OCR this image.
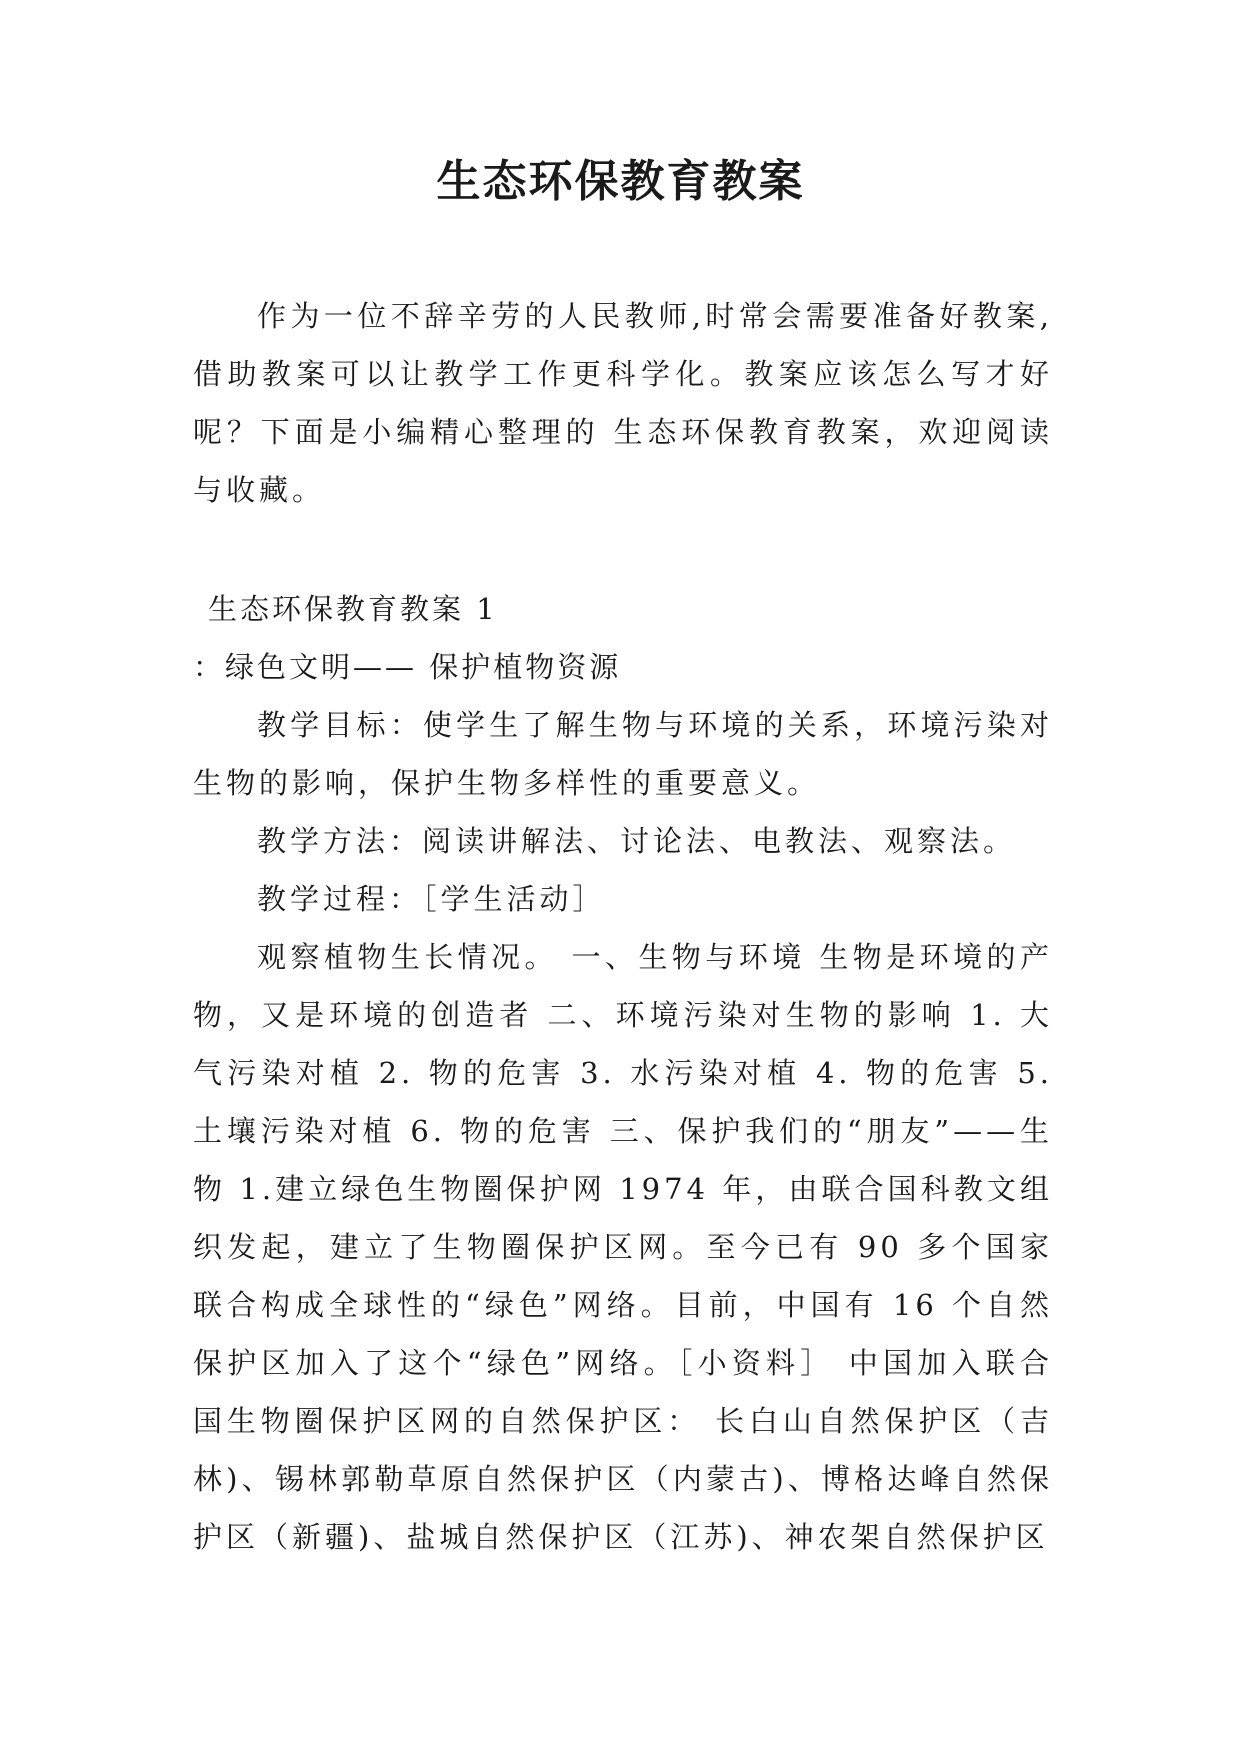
生态环保教育教案

作为一位不辞辛劳的人民教师,时常会需要准备好教案,借助教案可以让教学工作更科学化。教案应该怎么写才好呢？下面是小编精心整理的 生态环保教育教案，欢迎阅读与收藏。

生态环保教育教案 1

：绿色文明—— 保护植物资源

教学目标：使学生了解生物与环境的关系，环境污染对生物的影响，保护生物多样性的重要意义。

教学方法：阅读讲解法、讨论法、电教法、观察法。

教学过程：［学生活动］

观察植物生长情况。 一、生物与环境 生物是环境的产物，又是环境的创造者 二、环境污染对生物的影响 1. 大气污染对植 2. 物的危害 3. 水污染对植 4. 物的危害 5. 土壤污染对植 6. 物的危害 三、保护我们的“朋友”——生物 1.建立绿色生物圈保护网 1974 年，由联合国科教文组织发起，建立了生物圈保护区网。至今已有 90 多个国家联合构成全球性的“绿色”网络。目前，中国有 16 个自然保护区加入了这个“绿色”网络。［小资料］ 中国加入联合国生物圈保护区网的自然保护区： 长白山自然保护区（吉林)、锡林郭勒草原自然保护区（内蒙古)、博格达峰自然保护区（新疆)、盐城自然保护区（江苏)、神农架自然保护区
